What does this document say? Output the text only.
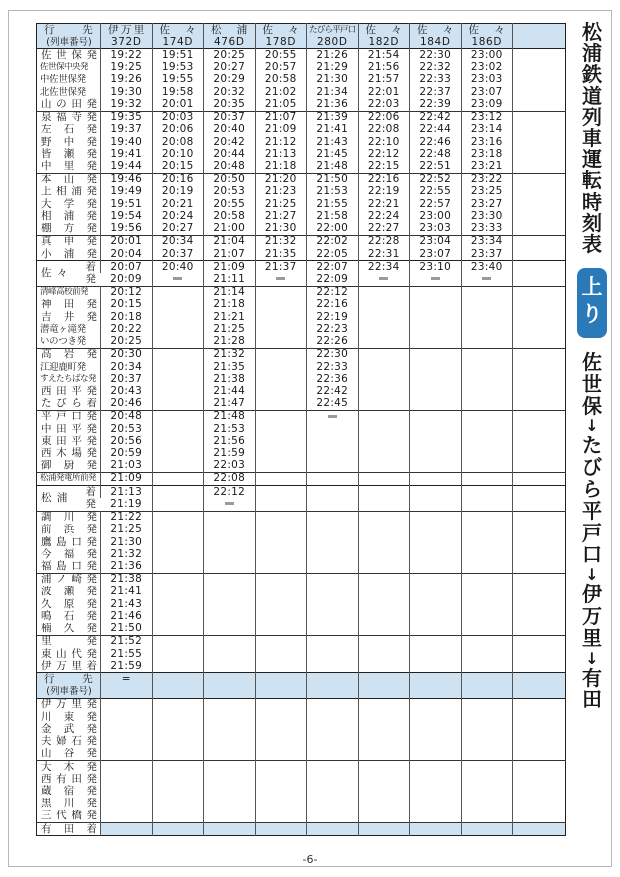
行 先	伊万里	佐 々	松 浦	佐 々	たびら平戸口	佐 々	佐 々	佐 々	
(列車番号)	372D	174D	476D	178D	280D	182D	184D	186D	
佐世保発	19:22	19:51	20:25	20:55	21:26	21:54	22:30	23:00	
佐世保中央発	19:25	19:53	20:27	20:57	21:29	21:56	22:32	23:02	
中佐世保発	19:26	19:55	20:29	20:58	21:30	21:57	22:33	23:03	
北佐世保発	19:30	19:58	20:32	21:02	21:34	22:01	22:37	23:07	
山の田発	19:32	20:01	20:35	21:05	21:36	22:03	22:39	23:09	
泉福寺発	19:35	20:03	20:37	21:07	21:39	22:06	22:42	23:12	
左 石 発	19:37	20:06	20:40	21:09	21:41	22:08	22:44	23:14	
野 中 発	19:40	20:08	20:42	21:12	21:43	22:10	22:46	23:16	
皆 瀬 発	19:41	20:10	20:44	21:13	21:45	22:12	22:48	23:18	
中 里 発	19:44	20:15	20:48	21:18	21:48	22:15	22:51	23:21	
本 山 発	19:46	20:16	20:50	21:20	21:50	22:16	22:52	23:22	
上相浦発	19:49	20:19	20:53	21:23	21:53	22:19	22:55	23:25	
大 学 発	19:51	20:21	20:55	21:25	21:55	22:21	22:57	23:27	
相 浦 発	19:54	20:24	20:58	21:27	21:58	22:24	23:00	23:30	
棚 方 発	19:56	20:27	21:00	21:30	22:00	22:27	23:03	23:33	
真 申 発	20:01	20:34	21:04	21:32	22:02	22:28	23:04	23:34	
小 浦 発	20:04	20:37	21:07	21:35	22:05	22:31	23:07	23:37	

佐 々 着
発	20:07	20:40	21:09	21:37	22:07	22:34	23:10	23:40	
	20:09		21:11		22:09				
清峰高校前発	20:12		21:14		22:12				
神 田 発	20:15		21:18		22:16				
吉 井 発	20:18		21:21		22:19				
潜竜ヶ滝発	20:22		21:25		22:23				
いのつき発	20:25		21:28		22:26				
高 岩 発	20:30		21:32		22:30				
江迎鹿町発	20:34		21:35		22:33				
すえたちばな発	20:37		21:38		22:36				
西田平発	20:43		21:44		22:42				
たびら着	20:46		21:47		22:45				
平戸口発	20:48		21:48						
中田平発	20:53		21:53						
東田平発	20:56		21:56						
西木場発	20:59		21:59						
御 厨 発	21:03		22:03						
松浦発電所前発	21:09		22:08						

松 浦 着
発	21:13		22:12						
	21:19								
調 川 発	21:22								
前 浜 発	21:25								
鷹島口発	21:30								
今 福 発	21:32								
福島口発	21:36								
浦ノ崎発	21:38								
波 瀬 発	21:41								
久 原 発	21:43								
鳴 石 発	21:46								
楠 久 発	21:50								
里 発	21:52								
東山代発	21:55								
伊万里着	21:59								
行 先	=								
(列車番号)									
伊万里発									
川 東 発									
金 武 発									
夫婦石発									
山 谷 発									
大 木 発									
西有田発									
蔵 宿 発									
黒 川 発									
三代橋発									
有 田 着									
松
浦
鉄
道
列
車
運
転
時
刻
表
上り
佐
世
保
↓
た
び
ら
平
戸
口
↓
伊
万
里
↓
有
田
-6-
